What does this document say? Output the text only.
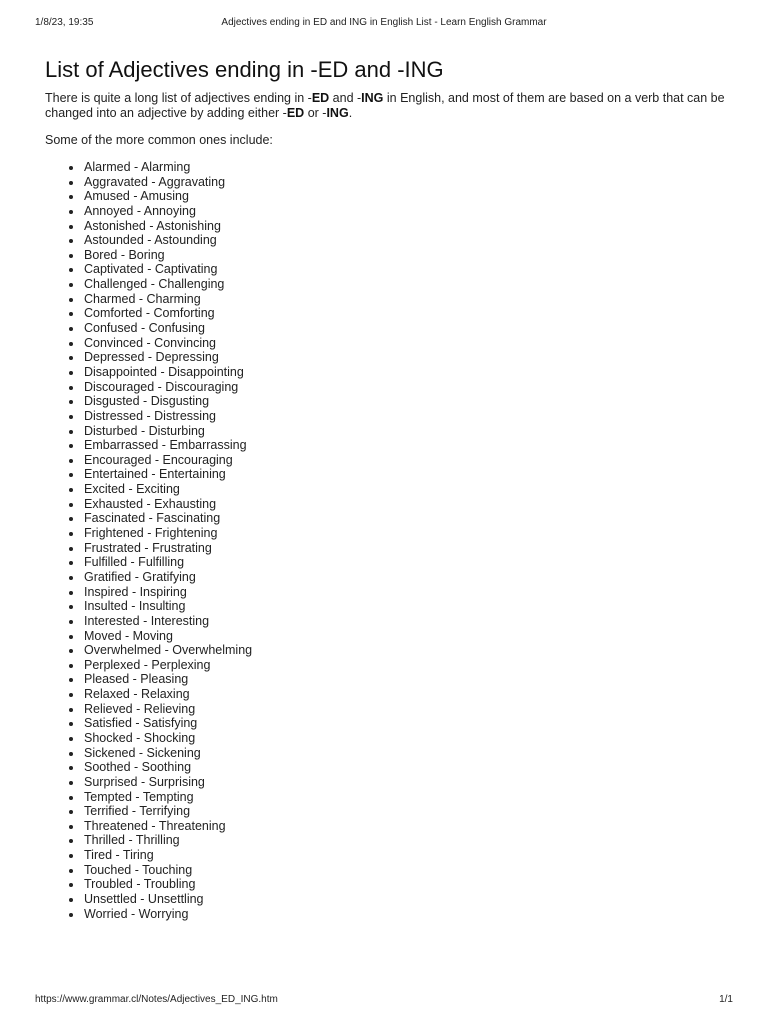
1/8/23, 19:35	Adjectives ending in ED and ING in English List - Learn English Grammar
List of Adjectives ending in -ED and -ING

There is quite a long list of adjectives ending in -ED and -ING in English, and most of them are based on a verb that can be changed into an adjective by adding either -ED or -ING.

Some of the more common ones include:

Alarmed - Alarming
Aggravated - Aggravating
Amused - Amusing
Annoyed - Annoying
Astonished - Astonishing
Astounded - Astounding
Bored - Boring
Captivated - Captivating
Challenged - Challenging
Charmed - Charming
Comforted - Comforting
Confused - Confusing
Convinced - Convincing
Depressed - Depressing
Disappointed - Disappointing
Discouraged - Discouraging
Disgusted - Disgusting
Distressed - Distressing
Disturbed - Disturbing
Embarrassed - Embarrassing
Encouraged - Encouraging
Entertained - Entertaining
Excited - Exciting
Exhausted - Exhausting
Fascinated - Fascinating
Frightened - Frightening
Frustrated - Frustrating
Fulfilled - Fulfilling
Gratified - Gratifying
Inspired - Inspiring
Insulted - Insulting
Interested - Interesting
Moved - Moving
Overwhelmed - Overwhelming
Perplexed - Perplexing
Pleased - Pleasing
Relaxed - Relaxing
Relieved - Relieving
Satisfied - Satisfying
Shocked - Shocking
Sickened - Sickening
Soothed - Soothing
Surprised - Surprising
Tempted - Tempting
Terrified - Terrifying
Threatened - Threatening
Thrilled - Thrilling
Tired - Tiring
Touched - Touching
Troubled - Troubling
Unsettled - Unsettling
Worried - Worrying
https://www.grammar.cl/Notes/Adjectives_ED_ING.htm	1/1
